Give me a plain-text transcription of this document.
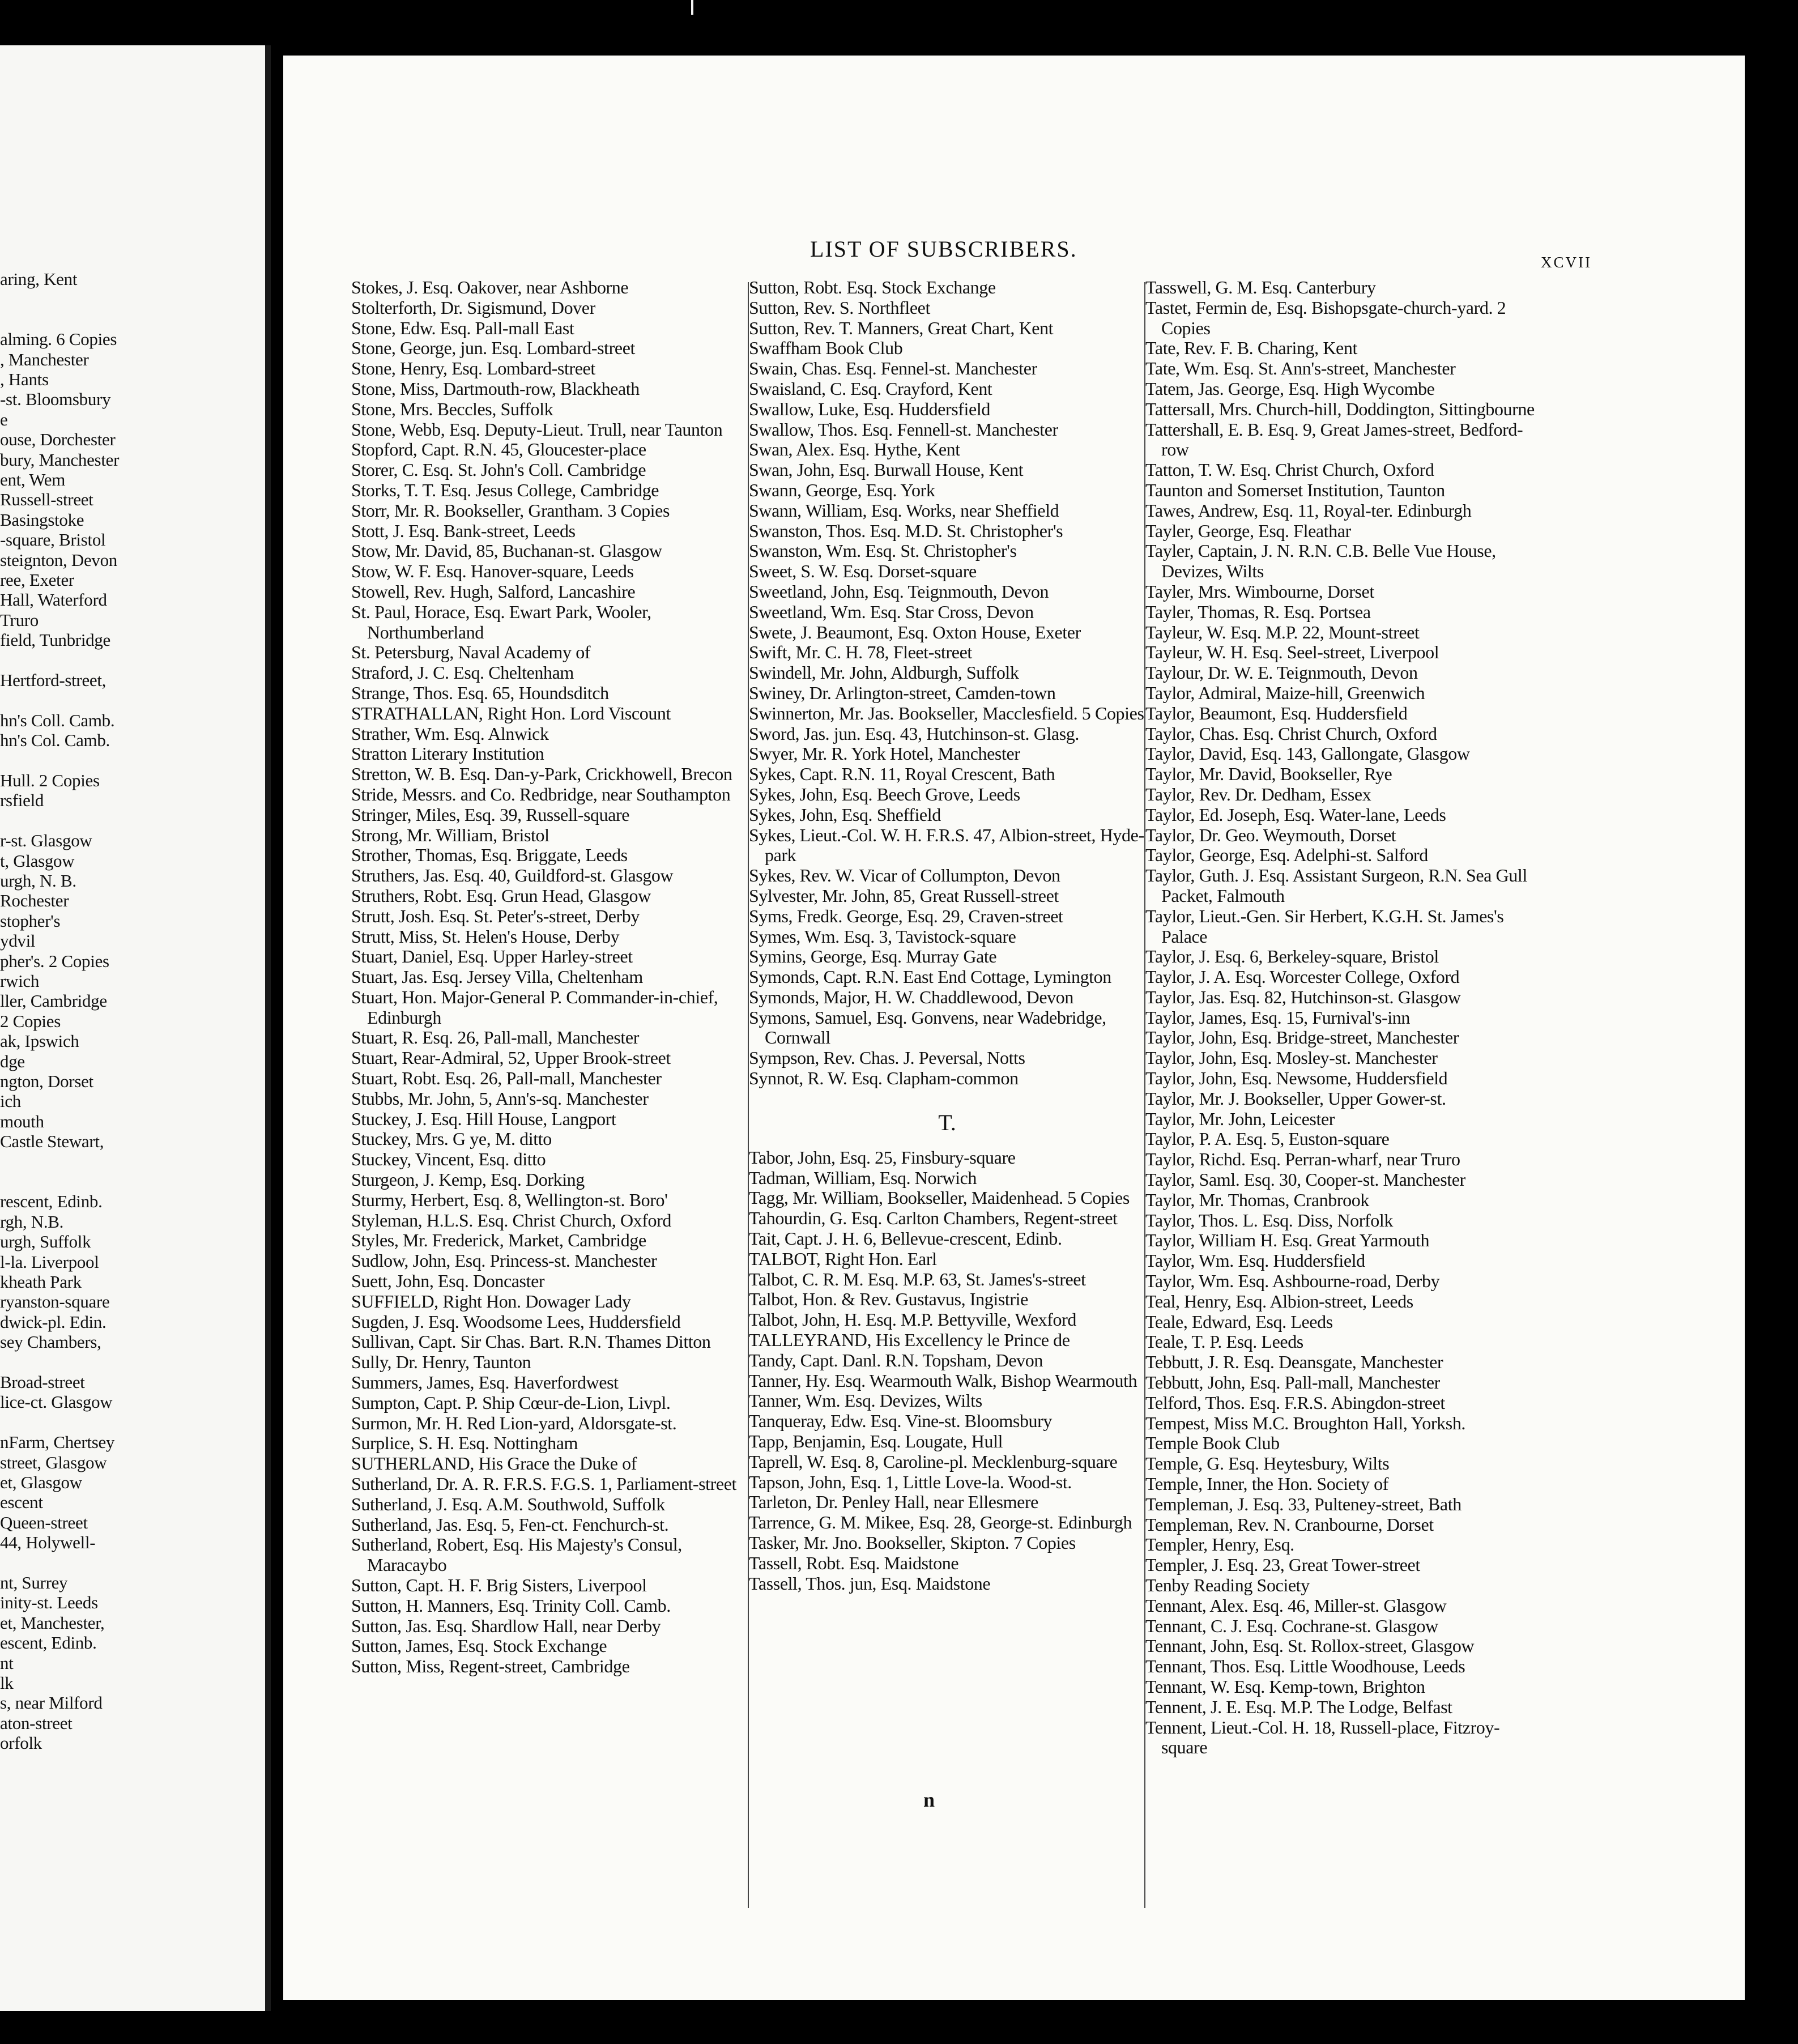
aring, Kent
alming. 6 Copies
, Manchester
, Hants
-st. Bloomsbury
e
ouse, Dorchester
bury, Manchester
ent, Wem
Russell-street
Basingstoke
-square, Bristol
steignton, Devon
ree, Exeter
Hall, Waterford
Truro
field, Tunbridge
Hertford-street,
hn's Coll. Camb.
hn's Col. Camb.
Hull. 2 Copies
rsfield
r-st. Glasgow
t, Glasgow
urgh, N. B.
Rochester
stopher's
ydvil
pher's. 2 Copies
rwich
ller, Cambridge
2 Copies
ak, Ipswich
dge
ngton, Dorset
ich
mouth
Castle Stewart,
rescent, Edinb.
rgh, N.B.
urgh, Suffolk
l-la. Liverpool
kheath Park
ryanston-square
dwick-pl. Edin.
sey Chambers,
Broad-street
lice-ct. Glasgow
nFarm, Chertsey
street, Glasgow
et, Glasgow
escent
Queen-street
44, Holywell-
nt, Surrey
inity-st. Leeds
et, Manchester,
escent, Edinb.
nt
lk
s, near Milford
aton-street
orfolk
LIST OF SUBSCRIBERS.
XCVII
Stokes, J. Esq. Oakover, near Ashborne
Stolterforth, Dr. Sigismund, Dover
Stone, Edw. Esq. Pall-mall East
Stone, George, jun. Esq. Lombard-street
Stone, Henry, Esq. Lombard-street
Stone, Miss, Dartmouth-row, Blackheath
Stone, Mrs. Beccles, Suffolk
Stone, Webb, Esq. Deputy-Lieut. Trull, near Taunton
Stopford, Capt. R.N. 45, Gloucester-place
Storer, C. Esq. St. John's Coll. Cambridge
Storks, T. T. Esq. Jesus College, Cambridge
Storr, Mr. R. Bookseller, Grantham. 3 Copies
Stott, J. Esq. Bank-street, Leeds
Stow, Mr. David, 85, Buchanan-st. Glasgow
Stow, W. F. Esq. Hanover-square, Leeds
Stowell, Rev. Hugh, Salford, Lancashire
St. Paul, Horace, Esq. Ewart Park, Wooler, Northumberland
St. Petersburg, Naval Academy of
Straford, J. C. Esq. Cheltenham
Strange, Thos. Esq. 65, Houndsditch
STRATHALLAN, Right Hon. Lord Viscount
Strather, Wm. Esq. Alnwick
Stratton Literary Institution
Stretton, W. B. Esq. Dan-y-Park, Crickhowell, Brecon
Stride, Messrs. and Co. Redbridge, near Southampton
Stringer, Miles, Esq. 39, Russell-square
Strong, Mr. William, Bristol
Strother, Thomas, Esq. Briggate, Leeds
Struthers, Jas. Esq. 40, Guildford-st. Glasgow
Struthers, Robt. Esq. Grun Head, Glasgow
Strutt, Josh. Esq. St. Peter's-street, Derby
Strutt, Miss, St. Helen's House, Derby
Stuart, Daniel, Esq. Upper Harley-street
Stuart, Jas. Esq. Jersey Villa, Cheltenham
Stuart, Hon. Major-General P. Commander-in-chief, Edinburgh
Stuart, R. Esq. 26, Pall-mall, Manchester
Stuart, Rear-Admiral, 52, Upper Brook-street
Stuart, Robt. Esq. 26, Pall-mall, Manchester
Stubbs, Mr. John, 5, Ann's-sq. Manchester
Stuckey, J. Esq. Hill House, Langport
Stuckey, Mrs. G ye, M. ditto
Stuckey, Vincent, Esq. ditto
Sturgeon, J. Kemp, Esq. Dorking
Sturmy, Herbert, Esq. 8, Wellington-st. Boro'
Styleman, H.L.S. Esq. Christ Church, Oxford
Styles, Mr. Frederick, Market, Cambridge
Sudlow, John, Esq. Princess-st. Manchester
Suett, John, Esq. Doncaster
SUFFIELD, Right Hon. Dowager Lady
Sugden, J. Esq. Woodsome Lees, Huddersfield
Sullivan, Capt. Sir Chas. Bart. R.N. Thames Ditton
Sully, Dr. Henry, Taunton
Summers, James, Esq. Haverfordwest
Sumpton, Capt. P. Ship Cœur-de-Lion, Livpl.
Surmon, Mr. H. Red Lion-yard, Aldorsgate-st.
Surplice, S. H. Esq. Nottingham
SUTHERLAND, His Grace the Duke of
Sutherland, Dr. A. R. F.R.S. F.G.S. 1, Parliament-street
Sutherland, J. Esq. A.M. Southwold, Suffolk
Sutherland, Jas. Esq. 5, Fen-ct. Fenchurch-st.
Sutherland, Robert, Esq. His Majesty's Consul, Maracaybo
Sutton, Capt. H. F. Brig Sisters, Liverpool
Sutton, H. Manners, Esq. Trinity Coll. Camb.
Sutton, Jas. Esq. Shardlow Hall, near Derby
Sutton, James, Esq. Stock Exchange
Sutton, Miss, Regent-street, Cambridge
Sutton, Robt. Esq. Stock Exchange
Sutton, Rev. S. Northfleet
Sutton, Rev. T. Manners, Great Chart, Kent
Swaffham Book Club
Swain, Chas. Esq. Fennel-st. Manchester
Swaisland, C. Esq. Crayford, Kent
Swallow, Luke, Esq. Huddersfield
Swallow, Thos. Esq. Fennell-st. Manchester
Swan, Alex. Esq. Hythe, Kent
Swan, John, Esq. Burwall House, Kent
Swann, George, Esq. York
Swann, William, Esq. Works, near Sheffield
Swanston, Thos. Esq. M.D. St. Christopher's
Swanston, Wm. Esq. St. Christopher's
Sweet, S. W. Esq. Dorset-square
Sweetland, John, Esq. Teignmouth, Devon
Sweetland, Wm. Esq. Star Cross, Devon
Swete, J. Beaumont, Esq. Oxton House, Exeter
Swift, Mr. C. H. 78, Fleet-street
Swindell, Mr. John, Aldburgh, Suffolk
Swiney, Dr. Arlington-street, Camden-town
Swinnerton, Mr. Jas. Bookseller, Macclesfield. 5 Copies
Sword, Jas. jun. Esq. 43, Hutchinson-st. Glasg.
Swyer, Mr. R. York Hotel, Manchester
Sykes, Capt. R.N. 11, Royal Crescent, Bath
Sykes, John, Esq. Beech Grove, Leeds
Sykes, John, Esq. Sheffield
Sykes, Lieut.-Col. W. H. F.R.S. 47, Albion-street, Hyde-park
Sykes, Rev. W. Vicar of Collumpton, Devon
Sylvester, Mr. John, 85, Great Russell-street
Syms, Fredk. George, Esq. 29, Craven-street
Symes, Wm. Esq. 3, Tavistock-square
Symins, George, Esq. Murray Gate
Symonds, Capt. R.N. East End Cottage, Lymington
Symonds, Major, H. W. Chaddlewood, Devon
Symons, Samuel, Esq. Gonvens, near Wadebridge, Cornwall
Sympson, Rev. Chas. J. Peversal, Notts
Synnot, R. W. Esq. Clapham-common
T.
Tabor, John, Esq. 25, Finsbury-square
Tadman, William, Esq. Norwich
Tagg, Mr. William, Bookseller, Maidenhead. 5 Copies
Tahourdin, G. Esq. Carlton Chambers, Regent-street
Tait, Capt. J. H. 6, Bellevue-crescent, Edinb.
TALBOT, Right Hon. Earl
Talbot, C. R. M. Esq. M.P. 63, St. James's-street
Talbot, Hon. & Rev. Gustavus, Ingistrie
Talbot, John, H. Esq. M.P. Bettyville, Wexford
TALLEYRAND, His Excellency le Prince de
Tandy, Capt. Danl. R.N. Topsham, Devon
Tanner, Hy. Esq. Wearmouth Walk, Bishop Wearmouth
Tanner, Wm. Esq. Devizes, Wilts
Tanqueray, Edw. Esq. Vine-st. Bloomsbury
Tapp, Benjamin, Esq. Lougate, Hull
Taprell, W. Esq. 8, Caroline-pl. Mecklenburg-square
Tapson, John, Esq. 1, Little Love-la. Wood-st.
Tarleton, Dr. Penley Hall, near Ellesmere
Tarrence, G. M. Mikee, Esq. 28, George-st. Edinburgh
Tasker, Mr. Jno. Bookseller, Skipton. 7 Copies
Tassell, Robt. Esq. Maidstone
Tassell, Thos. jun, Esq. Maidstone
Tasswell, G. M. Esq. Canterbury
Tastet, Fermin de, Esq. Bishopsgate-church-yard. 2 Copies
Tate, Rev. F. B. Charing, Kent
Tate, Wm. Esq. St. Ann's-street, Manchester
Tatem, Jas. George, Esq. High Wycombe
Tattersall, Mrs. Church-hill, Doddington, Sittingbourne
Tattershall, E. B. Esq. 9, Great James-street, Bedford-row
Tatton, T. W. Esq. Christ Church, Oxford
Taunton and Somerset Institution, Taunton
Tawes, Andrew, Esq. 11, Royal-ter. Edinburgh
Tayler, George, Esq. Fleathar
Tayler, Captain, J. N. R.N. C.B. Belle Vue House, Devizes, Wilts
Tayler, Mrs. Wimbourne, Dorset
Tayler, Thomas, R. Esq. Portsea
Tayleur, W. Esq. M.P. 22, Mount-street
Tayleur, W. H. Esq. Seel-street, Liverpool
Taylour, Dr. W. E. Teignmouth, Devon
Taylor, Admiral, Maize-hill, Greenwich
Taylor, Beaumont, Esq. Huddersfield
Taylor, Chas. Esq. Christ Church, Oxford
Taylor, David, Esq. 143, Gallongate, Glasgow
Taylor, Mr. David, Bookseller, Rye
Taylor, Rev. Dr. Dedham, Essex
Taylor, Ed. Joseph, Esq. Water-lane, Leeds
Taylor, Dr. Geo. Weymouth, Dorset
Taylor, George, Esq. Adelphi-st. Salford
Taylor, Guth. J. Esq. Assistant Surgeon, R.N. Sea Gull Packet, Falmouth
Taylor, Lieut.-Gen. Sir Herbert, K.G.H. St. James's Palace
Taylor, J. Esq. 6, Berkeley-square, Bristol
Taylor, J. A. Esq. Worcester College, Oxford
Taylor, Jas. Esq. 82, Hutchinson-st. Glasgow
Taylor, James, Esq. 15, Furnival's-inn
Taylor, John, Esq. Bridge-street, Manchester
Taylor, John, Esq. Mosley-st. Manchester
Taylor, John, Esq. Newsome, Huddersfield
Taylor, Mr. J. Bookseller, Upper Gower-st.
Taylor, Mr. John, Leicester
Taylor, P. A. Esq. 5, Euston-square
Taylor, Richd. Esq. Perran-wharf, near Truro
Taylor, Saml. Esq. 30, Cooper-st. Manchester
Taylor, Mr. Thomas, Cranbrook
Taylor, Thos. L. Esq. Diss, Norfolk
Taylor, William H. Esq. Great Yarmouth
Taylor, Wm. Esq. Huddersfield
Taylor, Wm. Esq. Ashbourne-road, Derby
Teal, Henry, Esq. Albion-street, Leeds
Teale, Edward, Esq. Leeds
Teale, T. P. Esq. Leeds
Tebbutt, J. R. Esq. Deansgate, Manchester
Tebbutt, John, Esq. Pall-mall, Manchester
Telford, Thos. Esq. F.R.S. Abingdon-street
Tempest, Miss M.C. Broughton Hall, Yorksh.
Temple Book Club
Temple, G. Esq. Heytesbury, Wilts
Temple, Inner, the Hon. Society of
Templeman, J. Esq. 33, Pulteney-street, Bath
Templeman, Rev. N. Cranbourne, Dorset
Templer, Henry, Esq.
Templer, J. Esq. 23, Great Tower-street
Tenby Reading Society
Tennant, Alex. Esq. 46, Miller-st. Glasgow
Tennant, C. J. Esq. Cochrane-st. Glasgow
Tennant, John, Esq. St. Rollox-street, Glasgow
Tennant, Thos. Esq. Little Woodhouse, Leeds
Tennant, W. Esq. Kemp-town, Brighton
Tennent, J. E. Esq. M.P. The Lodge, Belfast
Tennent, Lieut.-Col. H. 18, Russell-place, Fitzroy-square
n
